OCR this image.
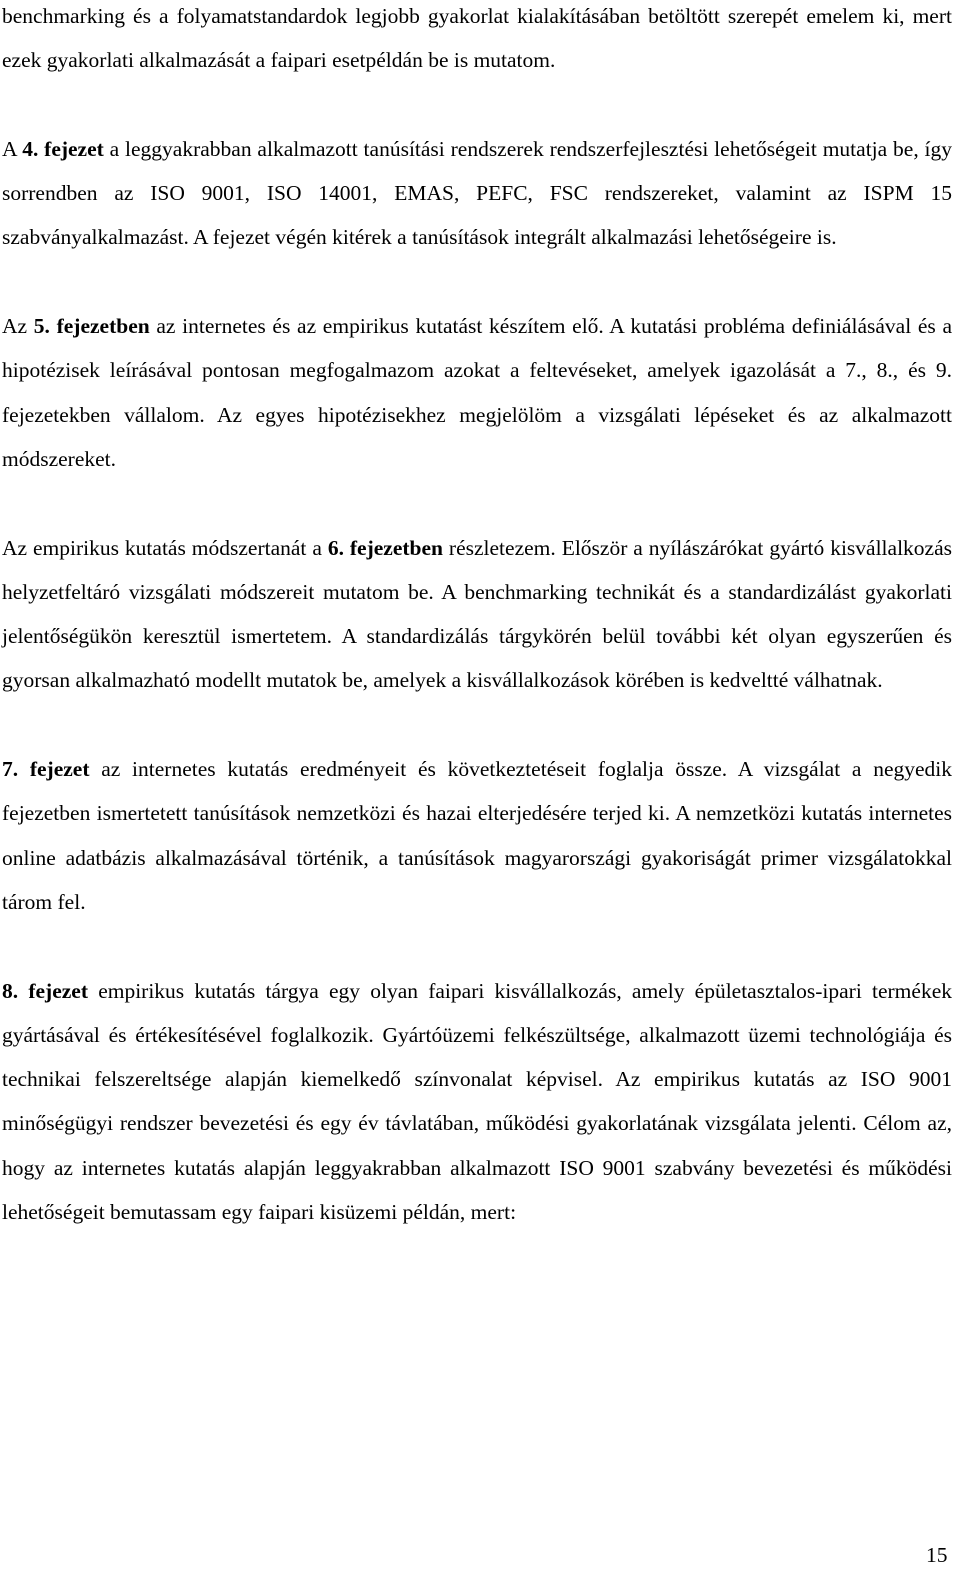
benchmarking és a folyamatstandardok legjobb gyakorlat kialakításában betöltött szerepét emelem ki, mert ezek gyakorlati alkalmazását a faipari esetpéldán be is mutatom.
A 4. fejezet a leggyakrabban alkalmazott tanúsítási rendszerek rendszerfejlesztési lehetőségeit mutatja be, így sorrendben az ISO 9001, ISO 14001, EMAS, PEFC, FSC rendszereket, valamint az ISPM 15 szabványalkalmazást. A fejezet végén kitérek a tanúsítások integrált alkalmazási lehetőségeire is.
Az 5. fejezetben az internetes és az empirikus kutatást készítem elő. A kutatási probléma definiálásával és a hipotézisek leírásával pontosan megfogalmazom azokat a feltevéseket, amelyek igazolását a 7., 8., és 9. fejezetekben vállalom. Az egyes hipotézisekhez megjelölöm a vizsgálati lépéseket és az alkalmazott módszereket.
Az empirikus kutatás módszertanát a 6. fejezetben részletezem. Először a nyílászárókat gyártó kisvállalkozás helyzetfeltáró vizsgálati módszereit mutatom be. A benchmarking technikát és a standardizálást gyakorlati jelentőségükön keresztül ismertetem. A standardizálás tárgykörén belül további két olyan egyszerűen és gyorsan alkalmazható modellt mutatok be, amelyek a kisvállalkozások körében is kedveltté válhatnak.
7. fejezet az internetes kutatás eredményeit és következtetéseit foglalja össze. A vizsgálat a negyedik fejezetben ismertetett tanúsítások nemzetközi és hazai elterjedésére terjed ki. A nemzetközi kutatás internetes online adatbázis alkalmazásával történik, a tanúsítások magyarországi gyakoriságát primer vizsgálatokkal tárom fel.
8. fejezet empirikus kutatás tárgya egy olyan faipari kisvállalkozás, amely épületasztalos-ipari termékek gyártásával és értékesítésével foglalkozik. Gyártóüzemi felkészültsége, alkalmazott üzemi technológiája és technikai felszereltsége alapján kiemelkedő színvonalat képvisel. Az empirikus kutatás az ISO 9001 minőségügyi rendszer bevezetési és egy év távlatában, működési gyakorlatának vizsgálata jelenti. Célom az, hogy az internetes kutatás alapján leggyakrabban alkalmazott ISO 9001 szabvány bevezetési és működési lehetőségeit bemutassam egy faipari kisüzemi példán, mert:
15
